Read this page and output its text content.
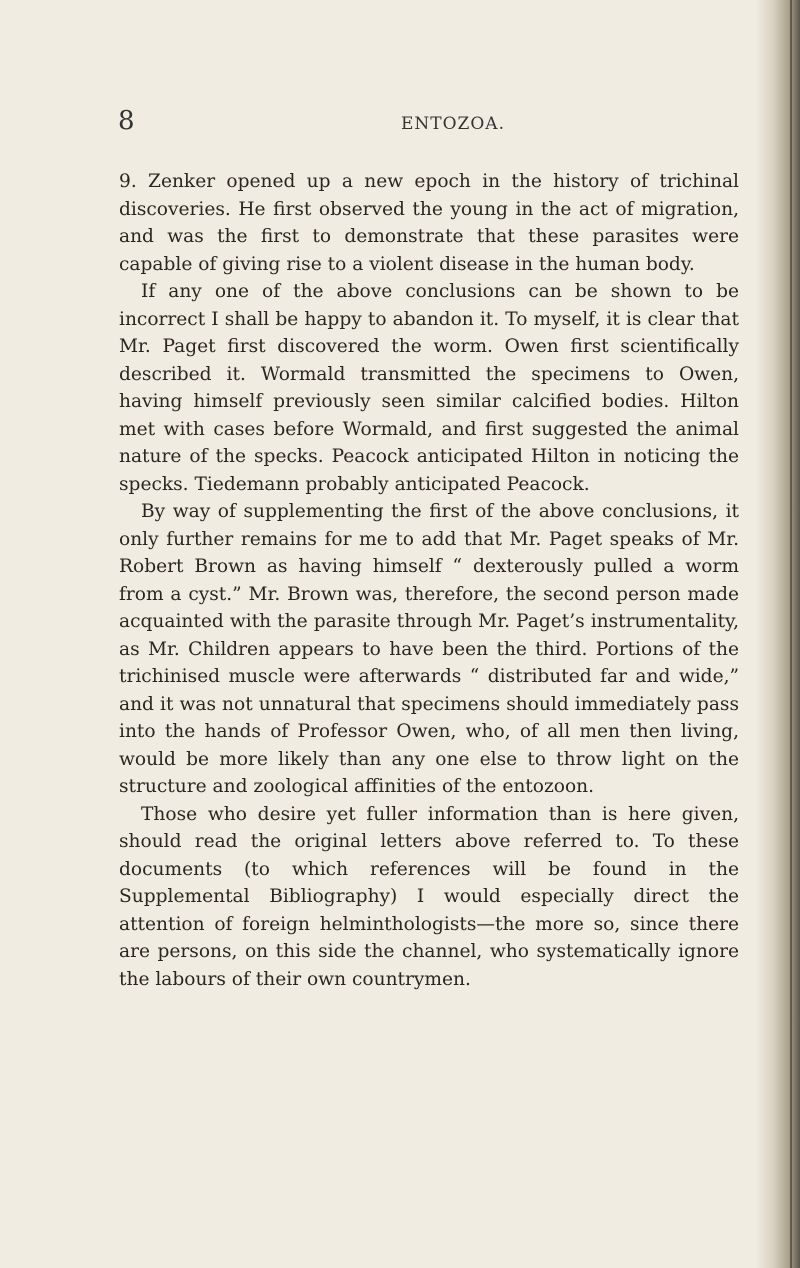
8	ENTOZOA.

9. Zenker opened up a new epoch in the history of trichinal discoveries. He first observed the young in the act of migration, and was the first to demonstrate that these parasites were capable of giving rise to a violent disease in the human body.

If any one of the above conclusions can be shown to be incorrect I shall be happy to abandon it. To myself, it is clear that Mr. Paget first discovered the worm. Owen first scientifically described it. Wormald transmitted the specimens to Owen, having himself previously seen similar calcified bodies. Hilton met with cases before Wormald, and first suggested the animal nature of the specks. Peacock anticipated Hilton in noticing the specks. Tiedemann probably anticipated Peacock.

By way of supplementing the first of the above conclusions, it only further remains for me to add that Mr. Paget speaks of Mr. Robert Brown as having himself “ dexterously pulled a worm from a cyst.” Mr. Brown was, therefore, the second person made acquainted with the parasite through Mr. Paget’s instrumentality, as Mr. Children appears to have been the third. Portions of the trichinised muscle were afterwards “ distributed far and wide,” and it was not unnatural that specimens should immediately pass into the hands of Professor Owen, who, of all men then living, would be more likely than any one else to throw light on the structure and zoological affinities of the entozoon.

Those who desire yet fuller information than is here given, should read the original letters above referred to. To these documents (to which references will be found in the Supplemental Bibliography) I would especially direct the attention of foreign helminthologists—the more so, since there are persons, on this side the channel, who systematically ignore the labours of their own countrymen.
